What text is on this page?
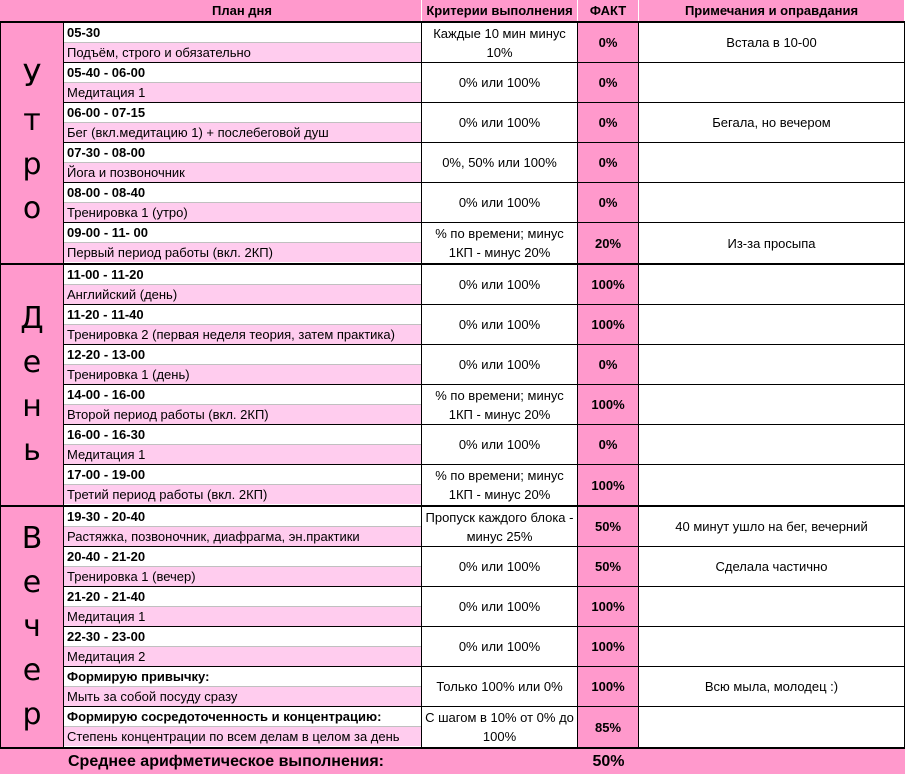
План дня	Критерии выполнения	ФАКТ	Примечания и оправдания
У
т
р
о
05-30
Подъём, строго и обязательно
Каждые 10 мин минус 10%
0%	Встала в 10-00
05-40 - 06-00
Медитация 1
0% или 100%	0%
06-00 - 07-15
Бег (вкл.медитацию 1) + послебеговой душ
0% или 100%	0%	Бегала, но вечером
07-30 - 08-00
Йога и позвоночник
0%, 50% или 100%	0%
08-00 - 08-40
Тренировка 1 (утро)
0% или 100%	0%
09-00 - 11- 00
Первый период работы (вкл. 2КП)
% по времени; минус 1КП - минус 20%
20%	Из-за просыпа
Д
е
н
ь
11-00 - 11-20
Английский (день)
0% или 100%	100%
11-20 - 11-40
Тренировка 2 (первая неделя теория, затем практика)
0% или 100%	100%
12-20 - 13-00
Тренировка 1 (день)
0% или 100%	0%
14-00 - 16-00
Второй период работы (вкл. 2КП)
% по времени; минус 1КП - минус 20%
100%
16-00 - 16-30
Медитация 1
0% или 100%	0%
17-00 - 19-00
Третий период работы (вкл. 2КП)
% по времени; минус 1КП - минус 20%
100%
В
е
ч
е
р
19-30 - 20-40
Растяжка, позвоночник, диафрагма, эн.практики
Пропуск каждого блока - минус 25%
50%	40 минут ушло на бег, вечерний
20-40 - 21-20
Тренировка 1 (вечер)
0% или 100%	50%	Сделала частично
21-20 - 21-40
Медитация 1
0% или 100%	100%
22-30 - 23-00
Медитация 2
0% или 100%	100%
Формирую привычку:
Мыть за собой посуду сразу
Только 100% или 0%	100%	Всю мыла, молодец :)
Формирую сосредоточенность и концентрацию:
Степень концентрации по всем делам в целом за день
С шагом в 10% от 0% до 100%
85%
Среднее арифметическое выполнения:	50%
